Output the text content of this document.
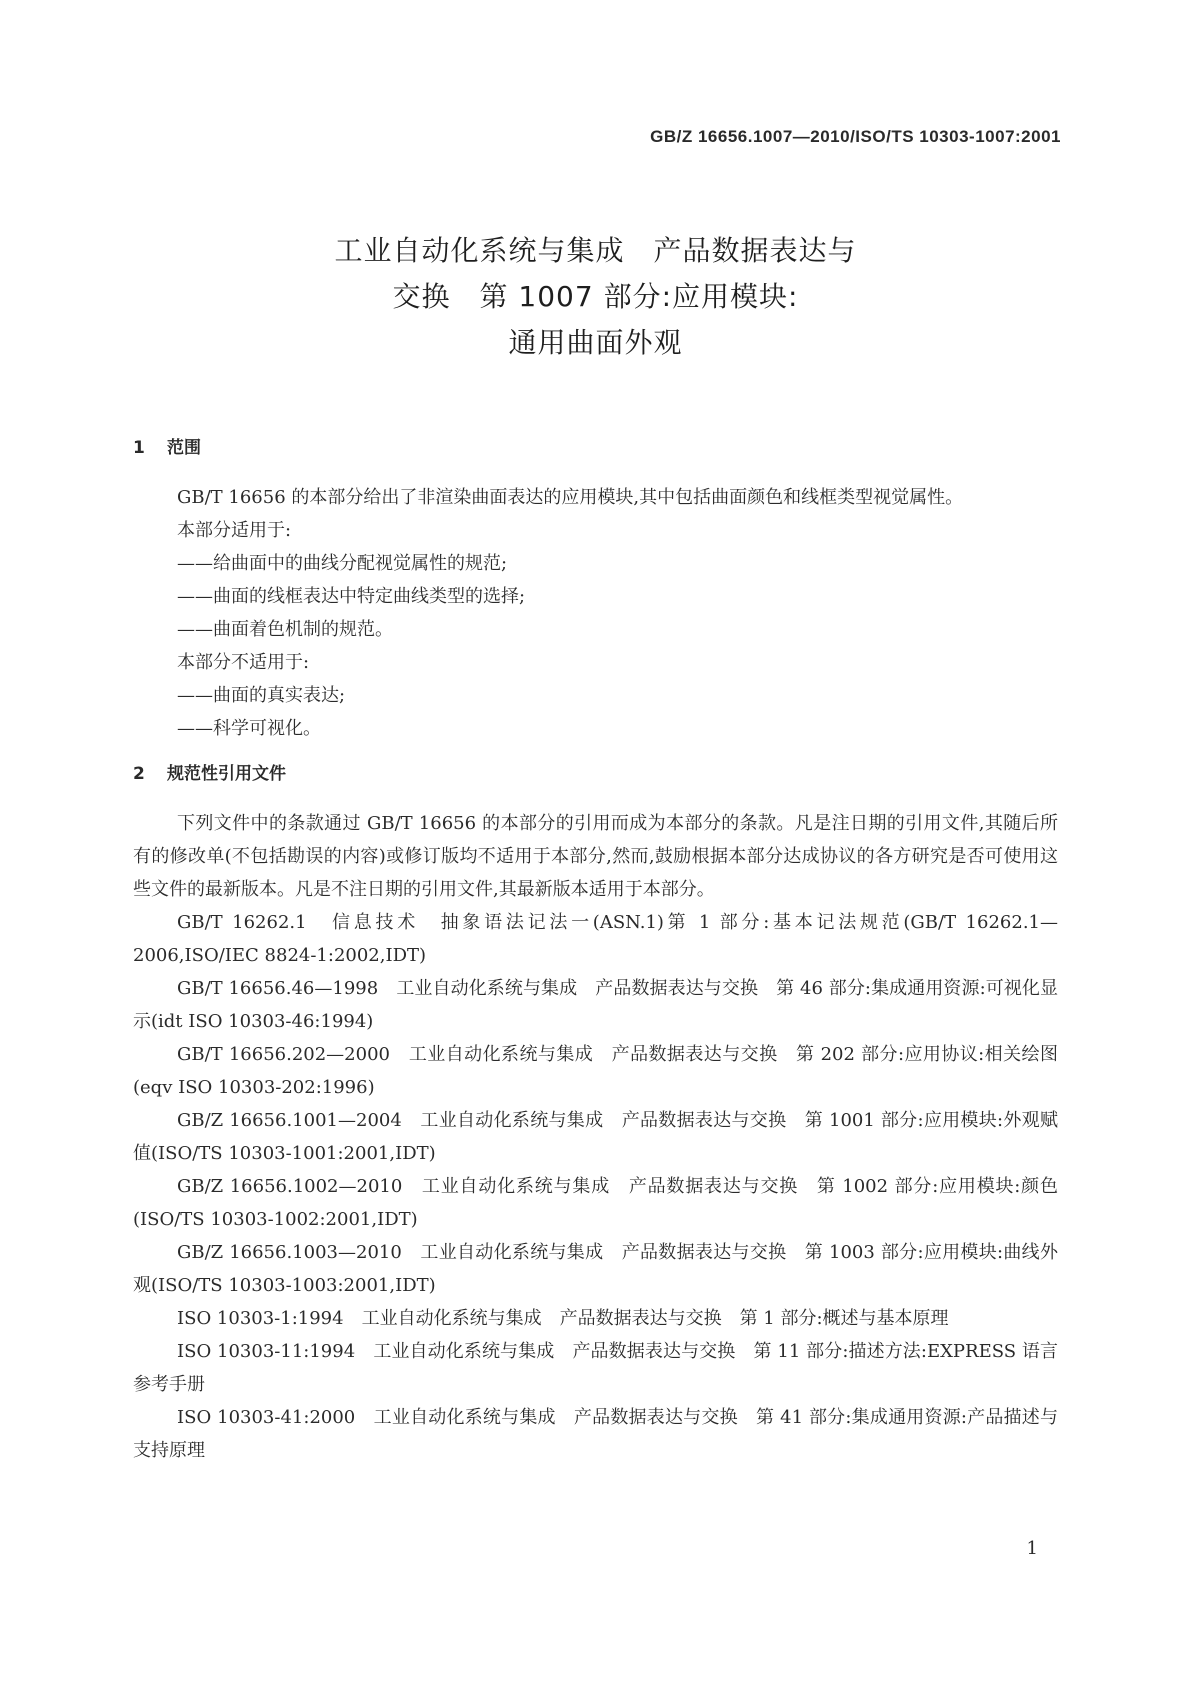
GB/Z 16656.1007—2010/ISO/TS 10303-1007:2001
工业自动化系统与集成　产品数据表达与
交换　第 1007 部分:应用模块:
通用曲面外观
1 范围

GB/T 16656 的本部分给出了非渲染曲面表达的应用模块,其中包括曲面颜色和线框类型视觉属性。

本部分适用于:

——给曲面中的曲线分配视觉属性的规范;

——曲面的线框表达中特定曲线类型的选择;

——曲面着色机制的规范。

本部分不适用于:

——曲面的真实表达;

——科学可视化。

2 规范性引用文件

下列文件中的条款通过 GB/T 16656 的本部分的引用而成为本部分的条款。凡是注日期的引用文件,其随后所有的修改单(不包括勘误的内容)或修订版均不适用于本部分,然而,鼓励根据本部分达成协议的各方研究是否可使用这些文件的最新版本。凡是不注日期的引用文件,其最新版本适用于本部分。

GB/T 16262.1　信息技术　抽象语法记法一(ASN.1)第 1 部分:基本记法规范(GB/T 16262.1—2006,ISO/IEC 8824-1:2002,IDT)

GB/T 16656.46—1998　工业自动化系统与集成　产品数据表达与交换　第 46 部分:集成通用资源:可视化显示(idt ISO 10303-46:1994)

GB/T 16656.202—2000　工业自动化系统与集成　产品数据表达与交换　第 202 部分:应用协议:相关绘图(eqv ISO 10303-202:1996)

GB/Z 16656.1001—2004　工业自动化系统与集成　产品数据表达与交换　第 1001 部分:应用模块:外观赋值(ISO/TS 10303-1001:2001,IDT)

GB/Z 16656.1002—2010　工业自动化系统与集成　产品数据表达与交换　第 1002 部分:应用模块:颜色(ISO/TS 10303-1002:2001,IDT)

GB/Z 16656.1003—2010　工业自动化系统与集成　产品数据表达与交换　第 1003 部分:应用模块:曲线外观(ISO/TS 10303-1003:2001,IDT)

ISO 10303-1:1994　工业自动化系统与集成　产品数据表达与交换　第 1 部分:概述与基本原理

ISO 10303-11:1994　工业自动化系统与集成　产品数据表达与交换　第 11 部分:描述方法:EXPRESS 语言参考手册

ISO 10303-41:2000　工业自动化系统与集成　产品数据表达与交换　第 41 部分:集成通用资源:产品描述与支持原理

1
